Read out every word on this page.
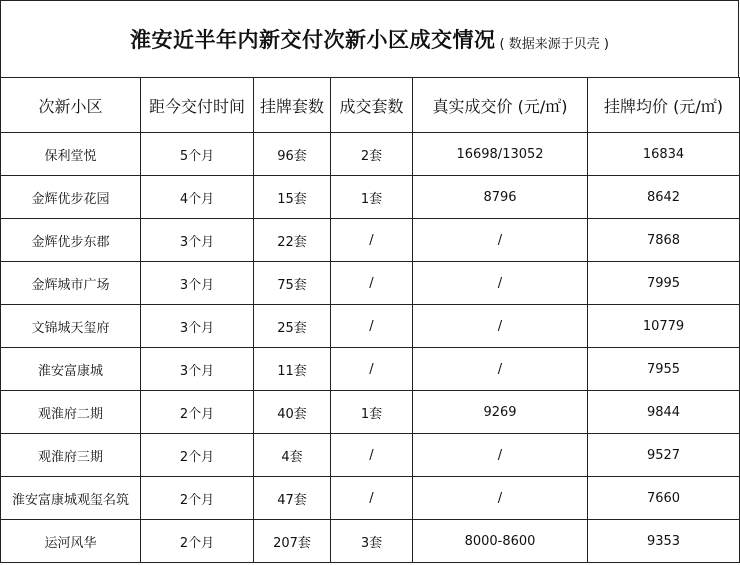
淮安近半年内新交付次新小区成交情况 ( 数据来源于贝壳 )
次新小区	距今交付时间	挂牌套数	成交套数	真实成交价 (元/㎡)	挂牌均价 (元/㎡)
保利堂悦	5个月	96套	2套	16698/13052	16834
金辉优步花园	4个月	15套	1套	8796	8642
金辉优步东郡	3个月	22套	/	/	7868
金辉城市广场	3个月	75套	/	/	7995
文锦城天玺府	3个月	25套	/	/	10779
淮安富康城	3个月	11套	/	/	7955
观淮府二期	2个月	40套	1套	9269	9844
观淮府三期	2个月	4套	/	/	9527
淮安富康城观玺名筑	2个月	47套	/	/	7660
运河风华	2个月	207套	3套	8000-8600	9353
